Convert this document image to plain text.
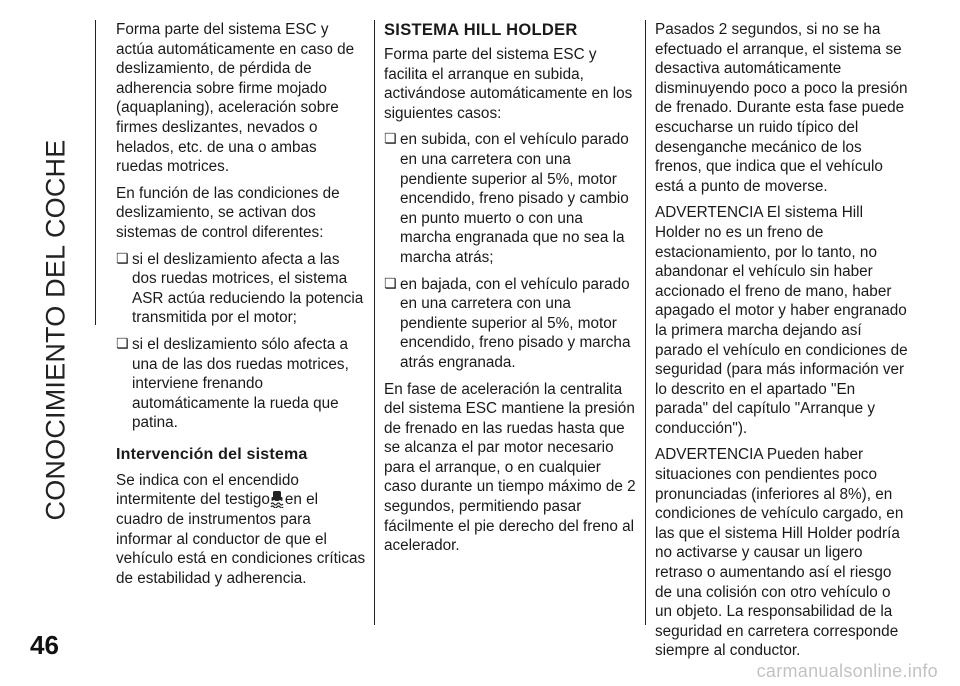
CONOCIMIENTO DEL COCHE

Forma parte del sistema ESC y actúa automáticamente en caso de deslizamiento, de pérdida de adherencia sobre firme mojado (aquaplaning), aceleración sobre firmes deslizantes, nevados o helados, etc. de una o ambas ruedas motrices.

En función de las condiciones de deslizamiento, se activan dos sistemas de control diferentes:

❏ si el deslizamiento afecta a las dos ruedas motrices, el sistema ASR actúa reduciendo la potencia transmitida por el motor;
❏ si el deslizamiento sólo afecta a una de las dos ruedas motrices, interviene frenando automáticamente la rueda que patina.
Intervención del sistema

Se indica con el encendido intermitente del testigo en el cuadro de instrumentos para informar al conductor de que el vehículo está en condiciones críticas de estabilidad y adherencia.

SISTEMA HILL HOLDER

Forma parte del sistema ESC y facilita el arranque en subida, activándose automáticamente en los siguientes casos:

❏ en subida, con el vehículo parado en una carretera con una pendiente superior al 5%, motor encendido, freno pisado y cambio en punto muerto o con una marcha engranada que no sea la marcha atrás;
❏ en bajada, con el vehículo parado en una carretera con una pendiente superior al 5%, motor encendido, freno pisado y marcha atrás engranada.

En fase de aceleración la centralita del sistema ESC mantiene la presión de frenado en las ruedas hasta que se alcanza el par motor necesario para el arranque, o en cualquier caso durante un tiempo máximo de 2 segundos, permitiendo pasar fácilmente el pie derecho del freno al acelerador.

Pasados 2 segundos, si no se ha efectuado el arranque, el sistema se desactiva automáticamente disminuyendo poco a poco la presión de frenado. Durante esta fase puede escucharse un ruido típico del desenganche mecánico de los frenos, que indica que el vehículo está a punto de moverse.

ADVERTENCIA El sistema Hill Holder no es un freno de estacionamiento, por lo tanto, no abandonar el vehículo sin haber accionado el freno de mano, haber apagado el motor y haber engranado la primera marcha dejando así parado el vehículo en condiciones de seguridad (para más información ver lo descrito en el apartado "En parada" del capítulo "Arranque y conducción").

ADVERTENCIA Pueden haber situaciones con pendientes poco pronunciadas (inferiores al 8%), en condiciones de vehículo cargado, en las que el sistema Hill Holder podría no activarse y causar un ligero retraso o aumentando así el riesgo de una colisión con otro vehículo o un objeto. La responsabilidad de la seguridad en carretera corresponde siempre al conductor.

46
carmanualsonline.info
